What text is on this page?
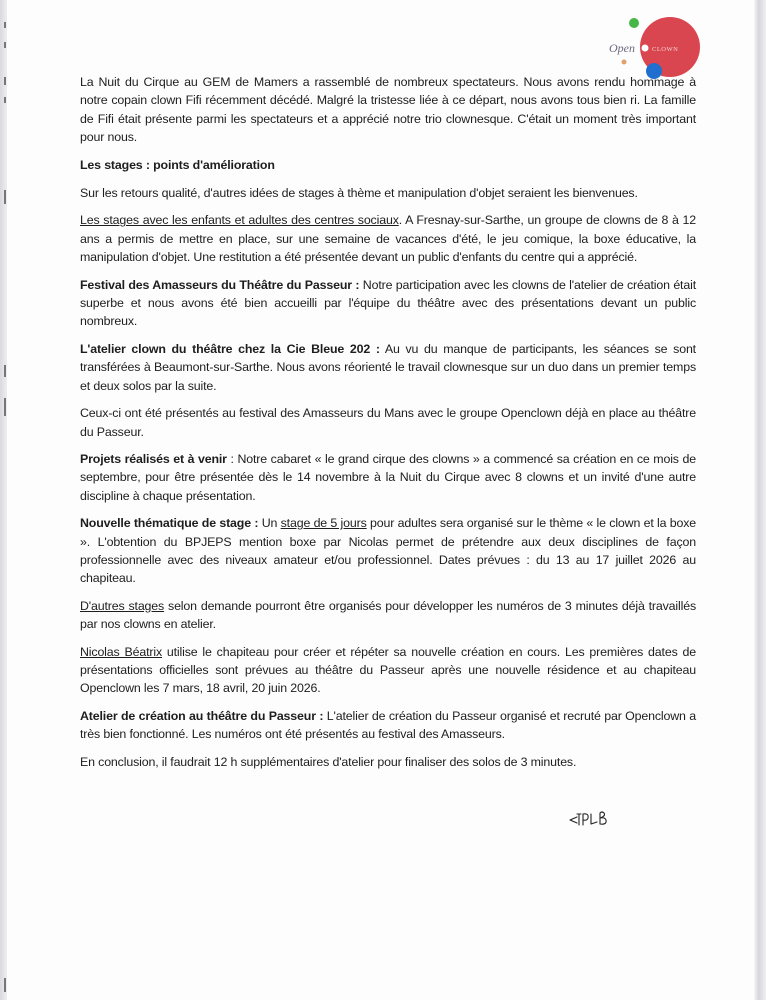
Open	CLOWN

La Nuit du Cirque au GEM de Mamers a rassemblé de nombreux spectateurs. Nous avons rendu hommage à notre copain clown Fifi récemment décédé. Malgré la tristesse liée à ce départ, nous avons tous bien ri. La famille de Fifi était présente parmi les spectateurs et a apprécié notre trio clownesque. C'était un moment très important pour nous.

Les stages : points d'amélioration

Sur les retours qualité, d'autres idées de stages à thème et manipulation d'objet seraient les bienvenues.

Les stages avec les enfants et adultes des centres sociaux. A Fresnay-sur-Sarthe, un groupe de clowns de 8 à 12 ans a permis de mettre en place, sur une semaine de vacances d'été, le jeu comique, la boxe éducative, la manipulation d'objet. Une restitution a été présentée devant un public d'enfants du centre qui a apprécié.

Festival des Amasseurs du Théâtre du Passeur : Notre participation avec les clowns de l'atelier de création était superbe et nous avons été bien accueilli par l'équipe du théâtre avec des présentations devant un public nombreux.

L'atelier clown du théâtre chez la Cie Bleue 202 : Au vu du manque de participants, les séances se sont transférées à Beaumont-sur-Sarthe. Nous avons réorienté le travail clownesque sur un duo dans un premier temps et deux solos par la suite.

Ceux-ci ont été présentés au festival des Amasseurs du Mans avec le groupe Openclown déjà en place au théâtre du Passeur.

Projets réalisés et à venir : Notre cabaret « le grand cirque des clowns » a commencé sa création en ce mois de septembre, pour être présentée dès le 14 novembre à la Nuit du Cirque avec 8 clowns et un invité d'une autre discipline à chaque présentation.

Nouvelle thématique de stage : Un stage de 5 jours pour adultes sera organisé sur le thème « le clown et la boxe ». L'obtention du BPJEPS mention boxe par Nicolas permet de prétendre aux deux disciplines de façon professionnelle avec des niveaux amateur et/ou professionnel. Dates prévues : du 13 au 17 juillet 2026 au chapiteau.

D'autres stages selon demande pourront être organisés pour développer les numéros de 3 minutes déjà travaillés par nos clowns en atelier.

Nicolas Béatrix utilise le chapiteau pour créer et répéter sa nouvelle création en cours. Les premières dates de présentations officielles sont prévues au théâtre du Passeur après une nouvelle résidence et au chapiteau Openclown les 7 mars, 18 avril, 20 juin 2026.

Atelier de création au théâtre du Passeur : L'atelier de création du Passeur organisé et recruté par Openclown a très bien fonctionné. Les numéros ont été présentés au festival des Amasseurs.

En conclusion, il faudrait 12 h supplémentaires d'atelier pour finaliser des solos de 3 minutes.
